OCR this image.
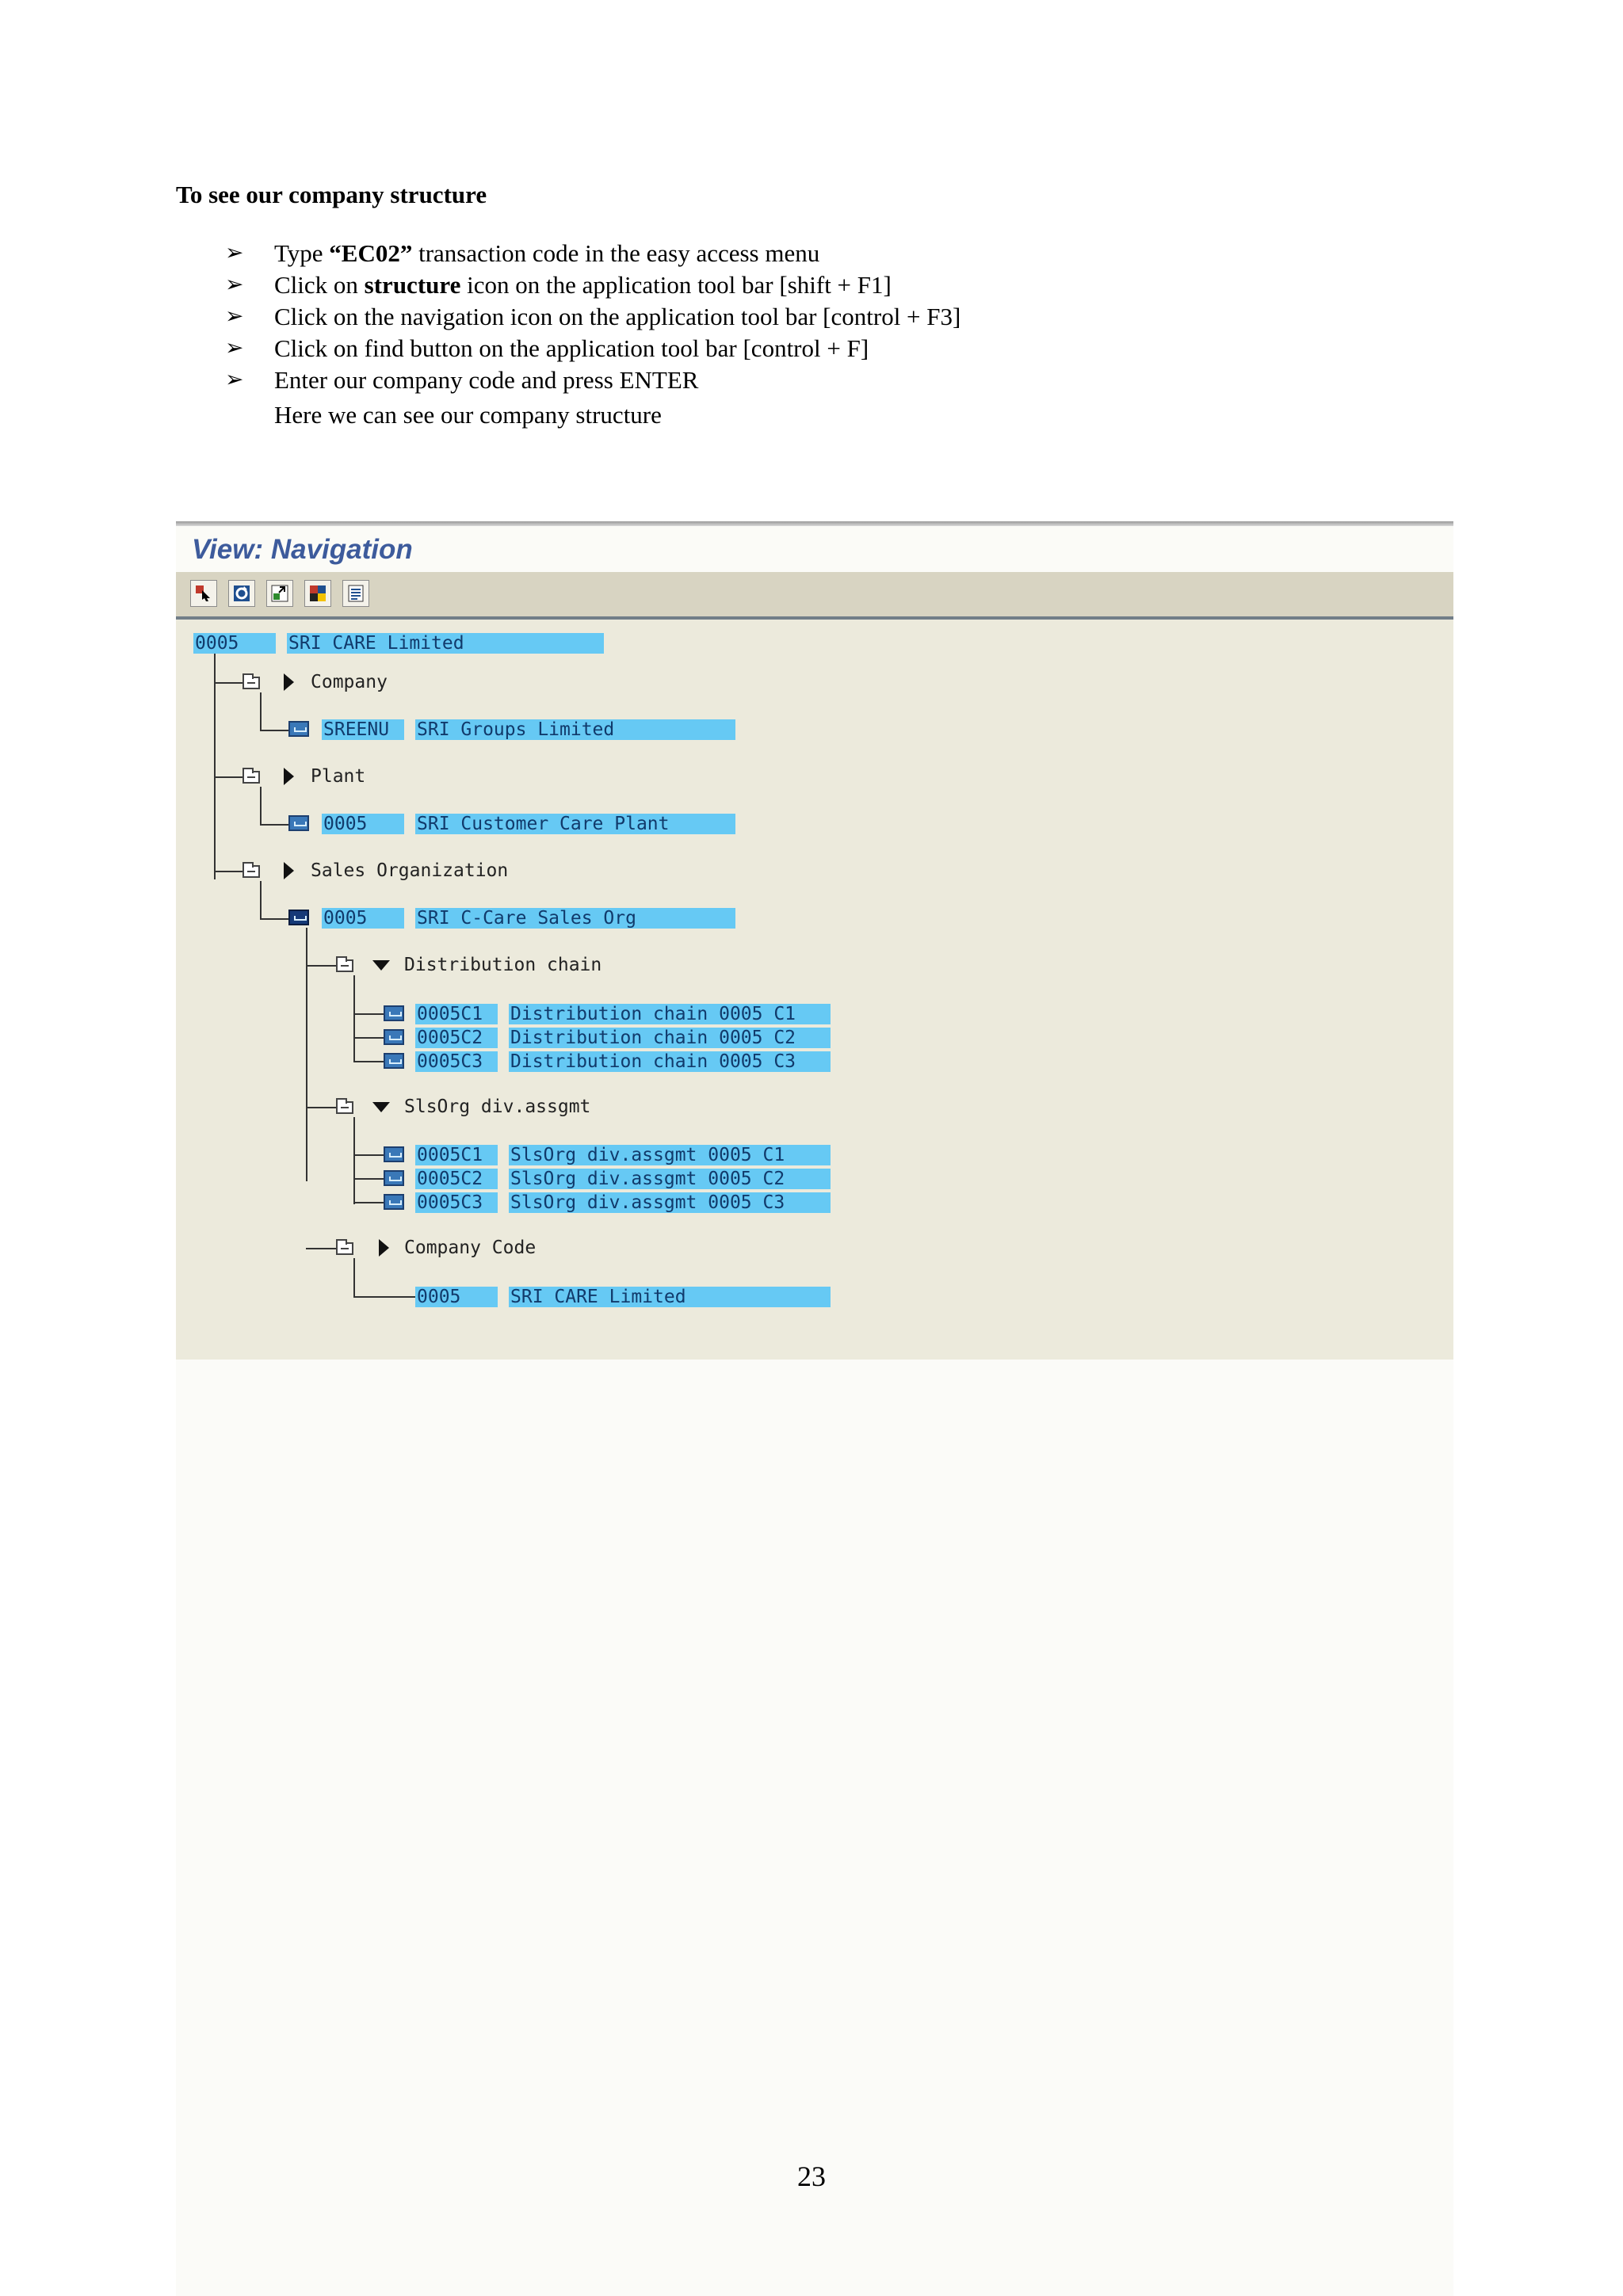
To see our company structure
➢ Type “EC02” transaction code in the easy access menu
➢ Click on structure icon on the application tool bar [shift + F1]
➢ Click on the navigation icon on the application tool bar [control + F3]
➢ Click on find button on the application tool bar [control + F]
➢ Enter our company code and press ENTER
Here we can see our company structure
View: Navigation
0005	SRI CARE Limited
Company
SREENU	SRI Groups Limited
Plant
0005	SRI Customer Care Plant
Sales Organization
0005	SRI C-Care Sales Org
Distribution chain
0005C1	Distribution chain 0005 C1
0005C2	Distribution chain 0005 C2
0005C3	Distribution chain 0005 C3
SlsOrg div.assgmt
0005C1	SlsOrg div.assgmt 0005 C1
0005C2	SlsOrg div.assgmt 0005 C2
0005C3	SlsOrg div.assgmt 0005 C3
Company Code
0005	SRI CARE Limited
23
